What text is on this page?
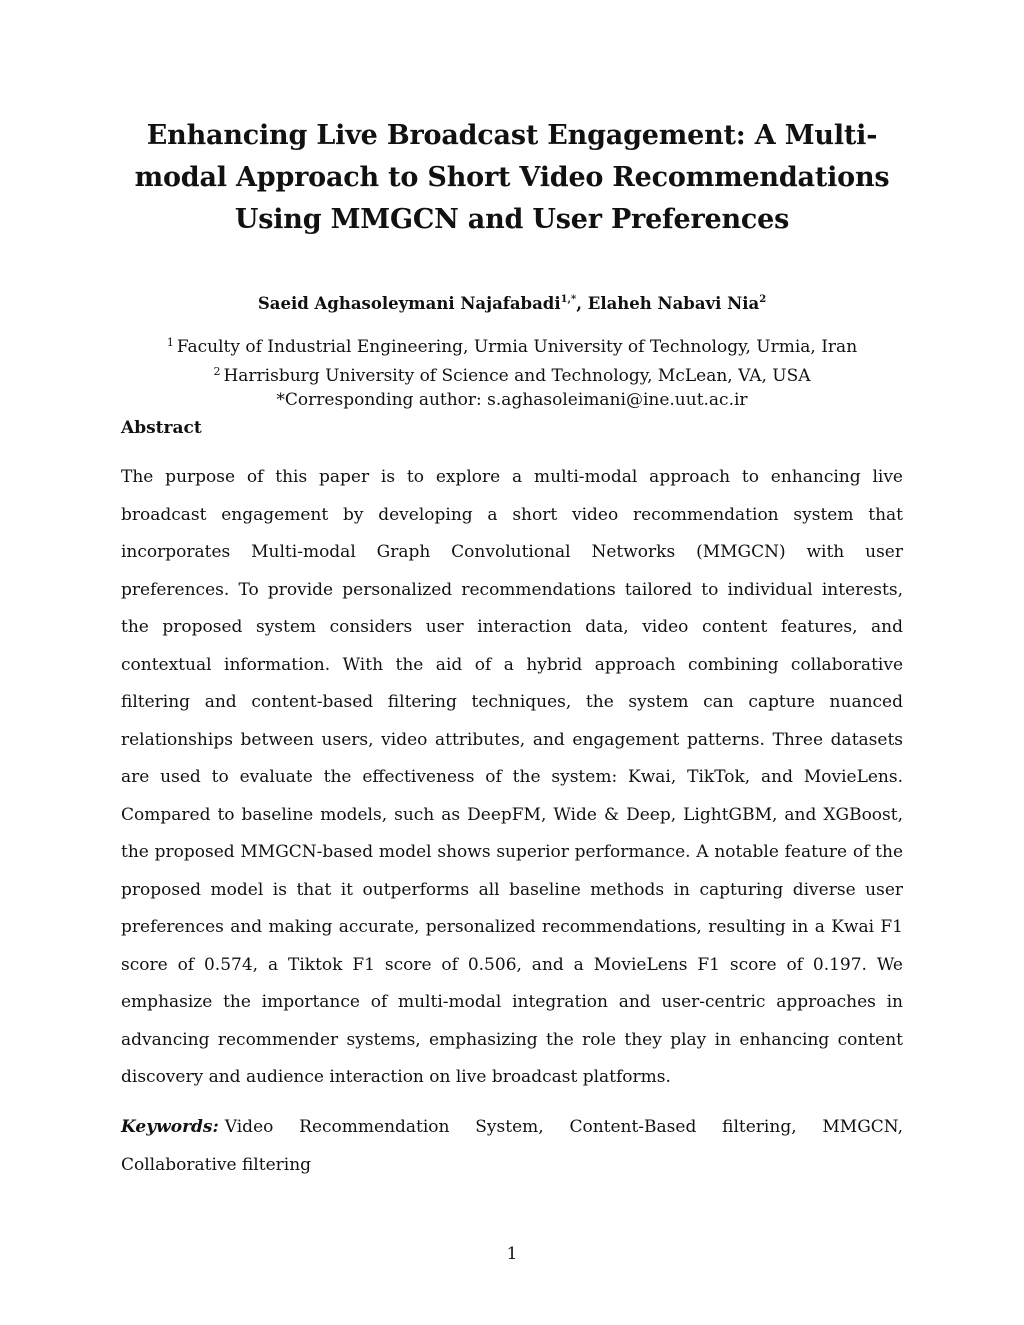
Enhancing Live Broadcast Engagement: A Multi-modal Approach to Short Video Recommendations Using MMGCN and User Preferences
Saeid Aghasoleymani Najafabadi$^{1,*}$, Elaheh Nabavi Nia$^2$
$^1$ Faculty of Industrial Engineering, Urmia University of Technology, Urmia, Iran
$^2$ Harrisburg University of Science and Technology, McLean, VA, USA
*Corresponding author: s.aghasoleimani@ine.uut.ac.ir
Abstract

The purpose of this paper is to explore a multi-modal approach to enhancing live broadcast engagement by developing a short video recommendation system that incorporates Multi-modal Graph Convolutional Networks (MMGCN) with user preferences. To provide personalized recommendations tailored to individual interests, the proposed system considers user interaction data, video content features, and contextual information. With the aid of a hybrid approach combining collaborative filtering and content-based filtering techniques, the system can capture nuanced relationships between users, video attributes, and engagement patterns. Three datasets are used to evaluate the effectiveness of the system: Kwai, TikTok, and MovieLens. Compared to baseline models, such as DeepFM, Wide & Deep, LightGBM, and XGBoost, the proposed MMGCN-based model shows superior performance. A notable feature of the proposed model is that it outperforms all baseline methods in capturing diverse user preferences and making accurate, personalized recommendations, resulting in a Kwai F1 score of 0.574, a Tiktok F1 score of 0.506, and a MovieLens F1 score of 0.197. We emphasize the importance of multi-modal integration and user-centric approaches in advancing recommender systems, emphasizing the role they play in enhancing content discovery and audience interaction on live broadcast platforms.

Keywords: Video Recommendation System, Content-Based filtering, MMGCN, Collaborative filtering

1
